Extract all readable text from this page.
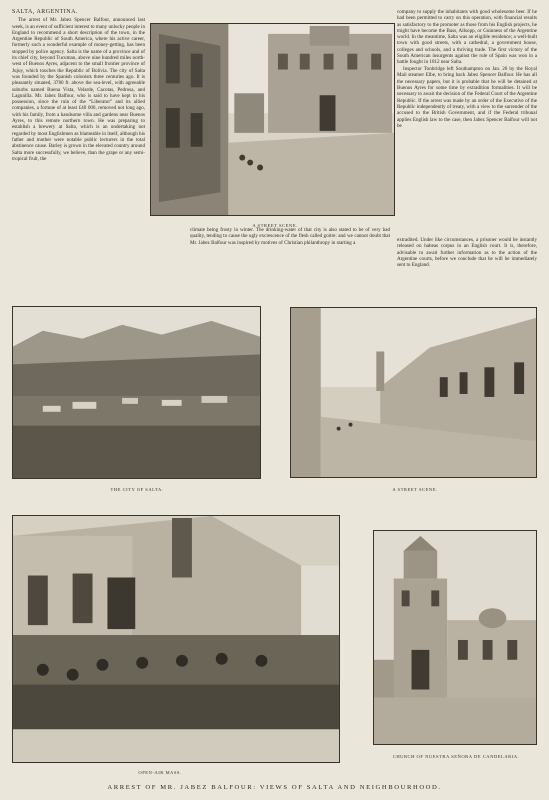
SALTA, ARGENTINA.

The arrest of Mr. Jabez Spencer Balfour, announced last week, is an event of sufficient interest to many unlucky people in England to recommend a short description of the town, in the Argentine Republic of South America, where his active career, formerly such a wonderful example of money-getting, has been stopped by police agency. Salta is the name of a province and of its chief city, beyond Tucuman, above nine hundred miles north-west of Buenos Ayres, adjacent to the small frontier province of Jujuy, which touches the Republic of Bolivia. The city of Salta was founded by the Spanish colonists three centuries ago. It is pleasantly situated, 3780 ft. above the sea-level, with agreeable suburbs named Buena Vista, Velarde, Cacotas, Pedrosa, and Lagunilla. Mr. Jabez Balfour, who is said to have kept in his possession, since the ruin of the “Liberator” and its allied companies, a fortune of at least £40 000, removed not long ago, with his family, from a handsome villa and gardens near Buenos Ayres, to this remote northern town. He was preparing to establish a brewery at Salta, which is an undertaking not regarded by most Englishmen as blameable in itself, although his father and mother were notable public lecturers in the total abstinence cause. Barley is grown in the elevated country around Salta more successfully, we believe, than the grape or any semi-tropical fruit, the

climate being frosty in winter. The drinking-water of that city is also stated to be of very bad quality, tending to cause the ugly excrescence of the flesh called goitre: and we cannot doubt that Mr. Jabez Balfour was inspired by motives of Christian philanthropy in starting a

company to supply the inhabitants with good wholesome beer. If he had been permitted to carry on this operation, with financial results as satisfactory to the promoter as those from his English projects, he might have become the Bass, Allsopp, or Guinness of the Argentine world. In the meantime, Salta was an eligible residence; a well-built town with good streets, with a cathedral, a government house, colleges and schools, and a thriving trade. The first victory of the South American insurgents against the rule of Spain was won in a battle fought in 1812 near Salta.

Inspector Tonbridge left Southampton on Jan. 26 by the Royal Mail steamer Elbe, to bring back Jabez Spencer Balfour. He has all the necessary papers, but it is probable that he will be detained at Buenos Ayres for some time by extradition formalities. It will be necessary to await the decision of the Federal Court of the Argentine Republic. If the arrest was made by an order of the Executive of the Republic independently of treaty, with a view to the surrender of the accused to the British Government, and if the Federal tribunal applies English law to the case, then Jabez Spencer Balfour will not be

extradited. Under like circumstances, a prisoner would be instantly released on habeas corpus in an English court. It is, therefore, advisable to await further information as to the action of the Argentine courts, before we conclude that he will be immediately sent to England.

A STREET SCENE.
THE CITY OF SALTA.	A STREET SCENE.
OPEN-AIR MASS.
CHURCH OF NUESTRA SEÑORA DE CANDELARIA.
ARREST OF MR. JABEZ BALFOUR: VIEWS OF SALTA AND NEIGHBOURHOOD.
